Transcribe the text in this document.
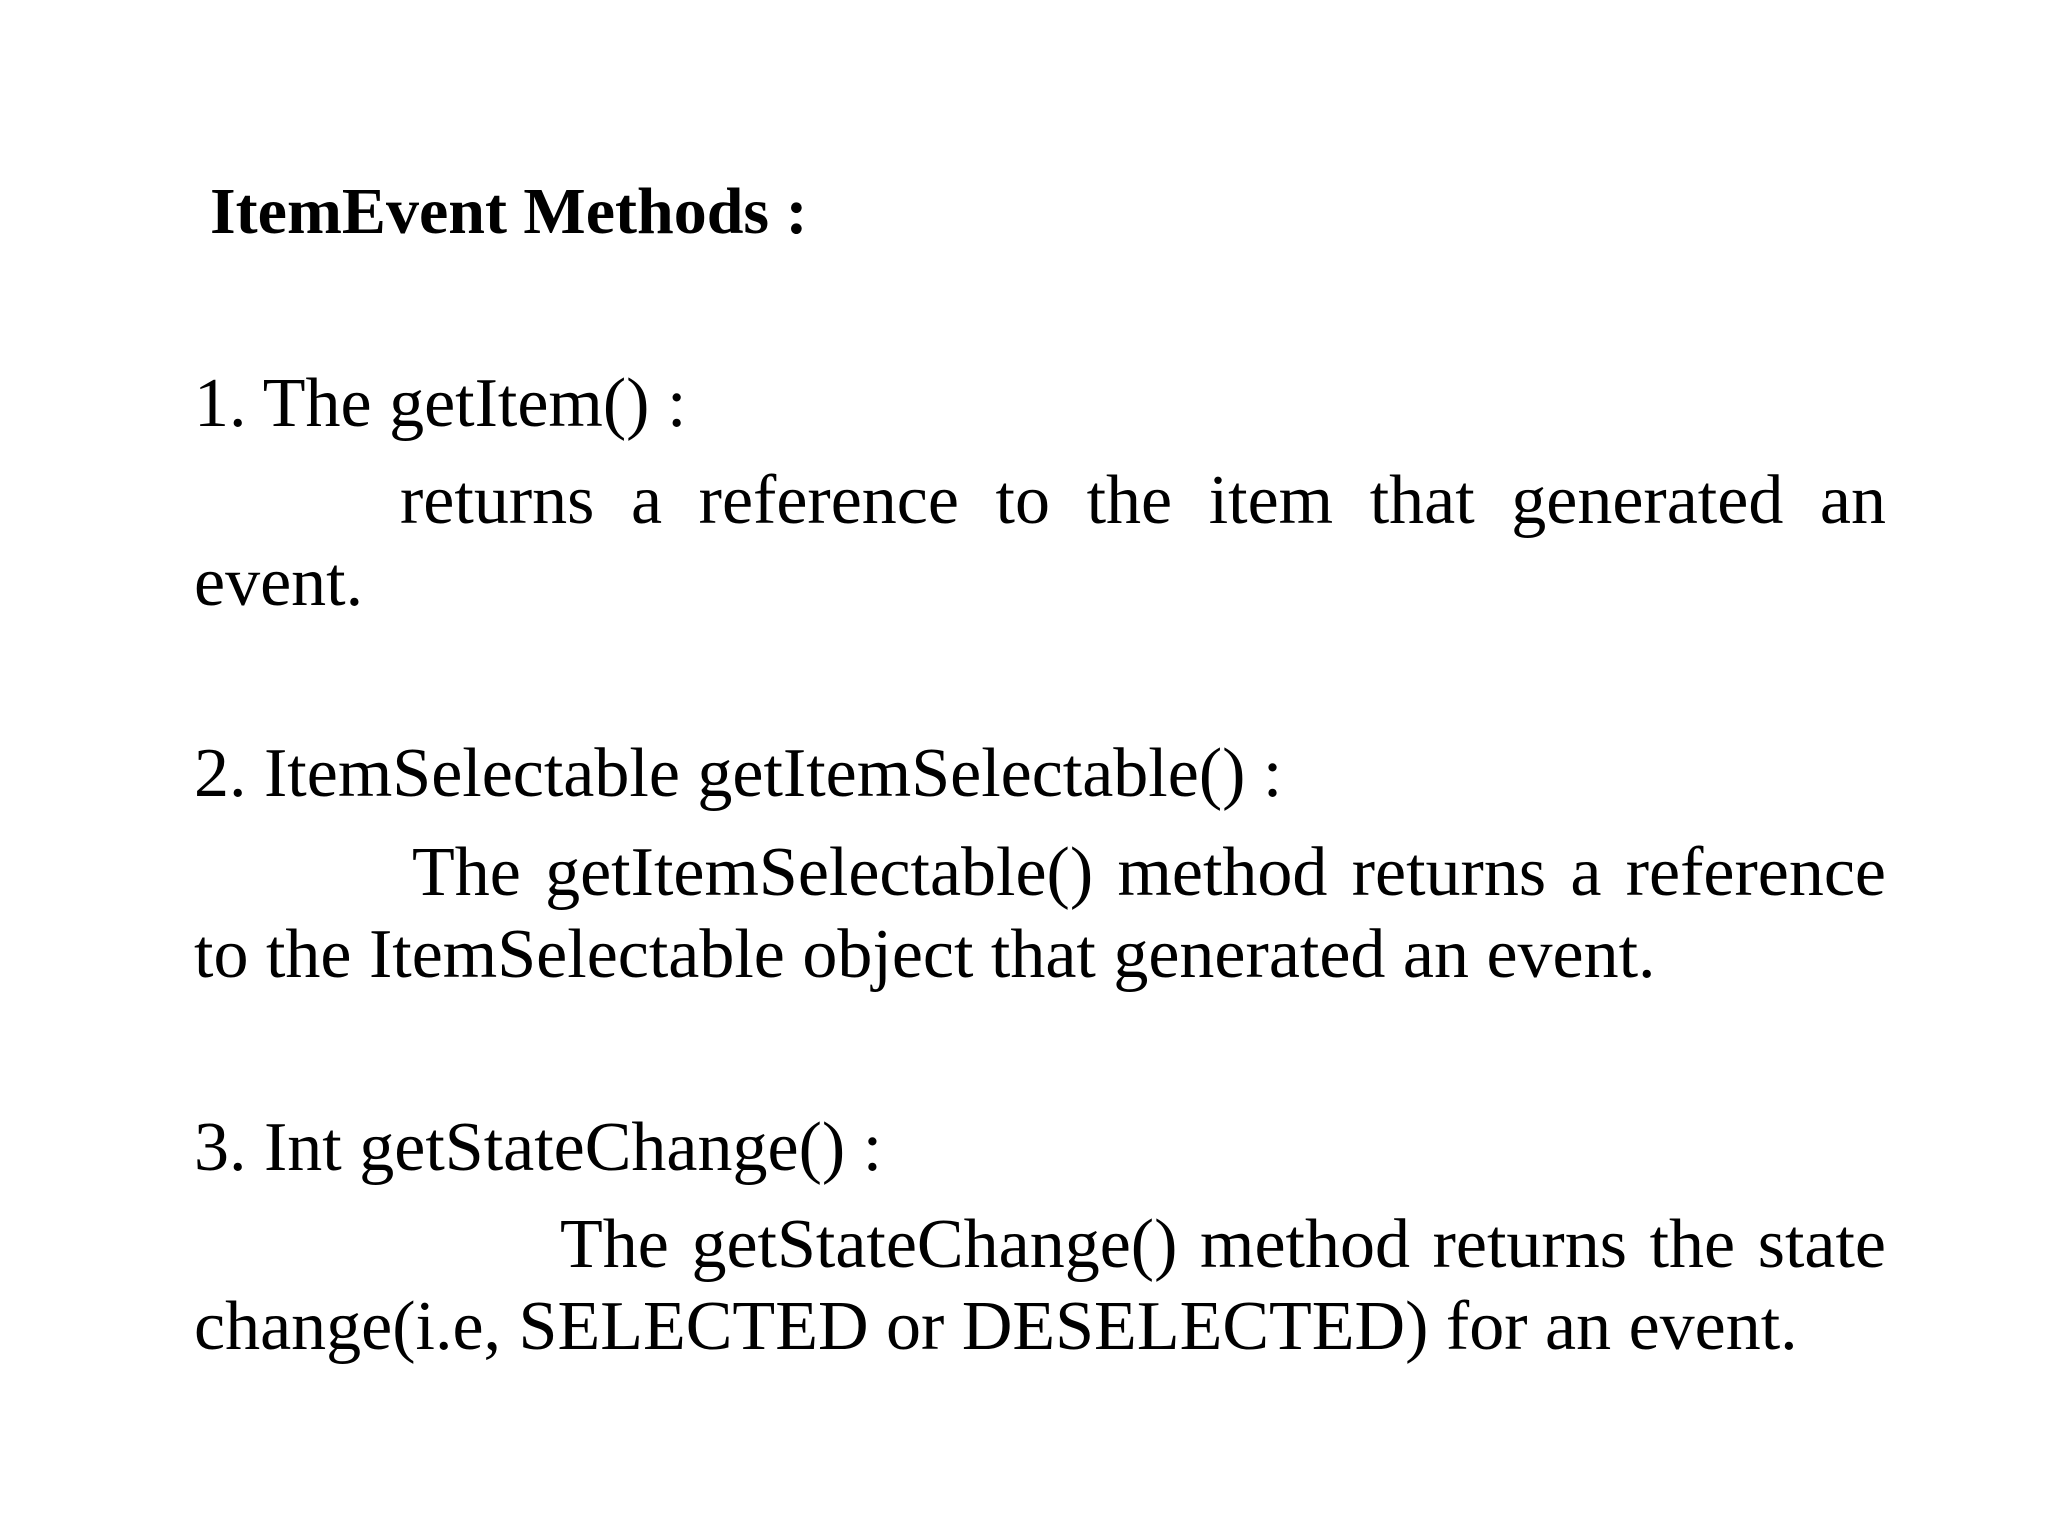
ItemEvent Methods :
1. The getItem() :
returns a reference to the item that generated an event.
2. ItemSelectable getItemSelectable() :
The getItemSelectable() method returns a reference to the ItemSelectable object that generated an event.
3. Int getStateChange() :
The getStateChange() method returns the state change(i.e, SELECTED or DESELECTED) for an event.
